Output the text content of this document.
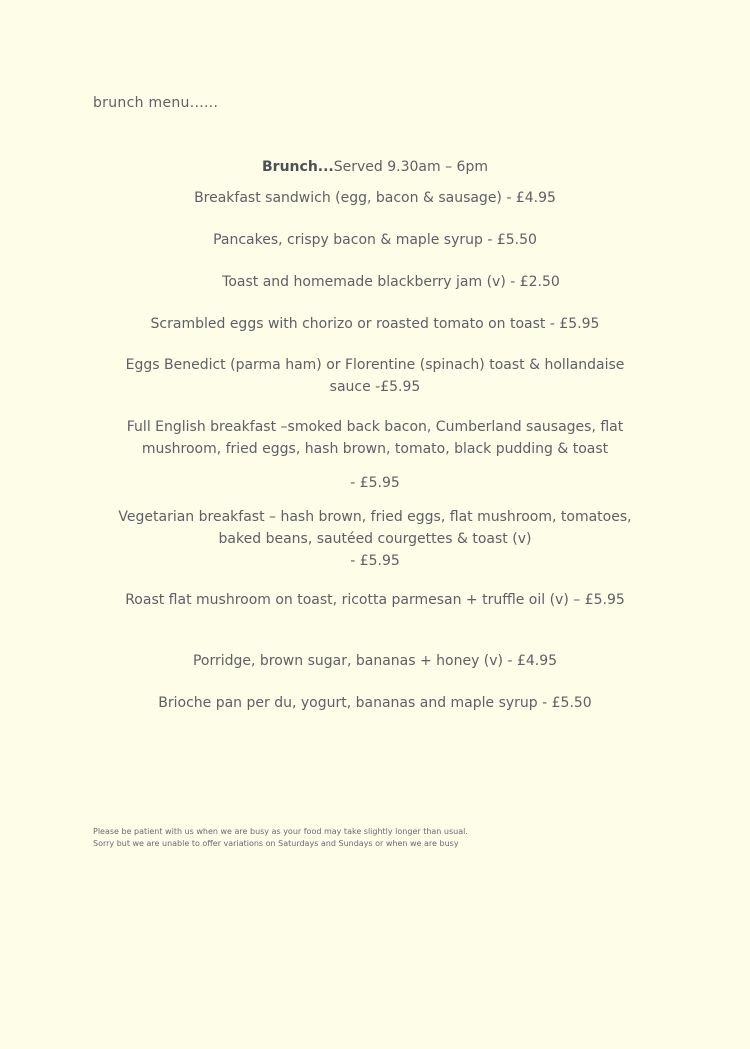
brunch menu......
Brunch...Served 9.30am – 6pm
Breakfast sandwich (egg, bacon & sausage) - £4.95
Pancakes, crispy bacon & maple syrup - £5.50
Toast and homemade blackberry jam (v) - £2.50
Scrambled eggs with chorizo or roasted tomato on toast - £5.95
Eggs Benedict (parma ham) or Florentine (spinach) toast & hollandaise
sauce -£5.95
Full English breakfast –smoked back bacon, Cumberland sausages, flat
mushroom, fried eggs, hash brown, tomato, black pudding & toast
- £5.95
Vegetarian breakfast – hash brown, fried eggs, flat mushroom, tomatoes,
baked beans, sautéed courgettes & toast (v)
- £5.95
Roast flat mushroom on toast, ricotta parmesan + truffle oil (v) – £5.95
Porridge, brown sugar, bananas + honey (v) - £4.95
Brioche pan per du, yogurt, bananas and maple syrup - £5.50
Please be patient with us when we are busy as your food may take slightly longer than usual.
Sorry but we are unable to offer variations on Saturdays and Sundays or when we are busy
